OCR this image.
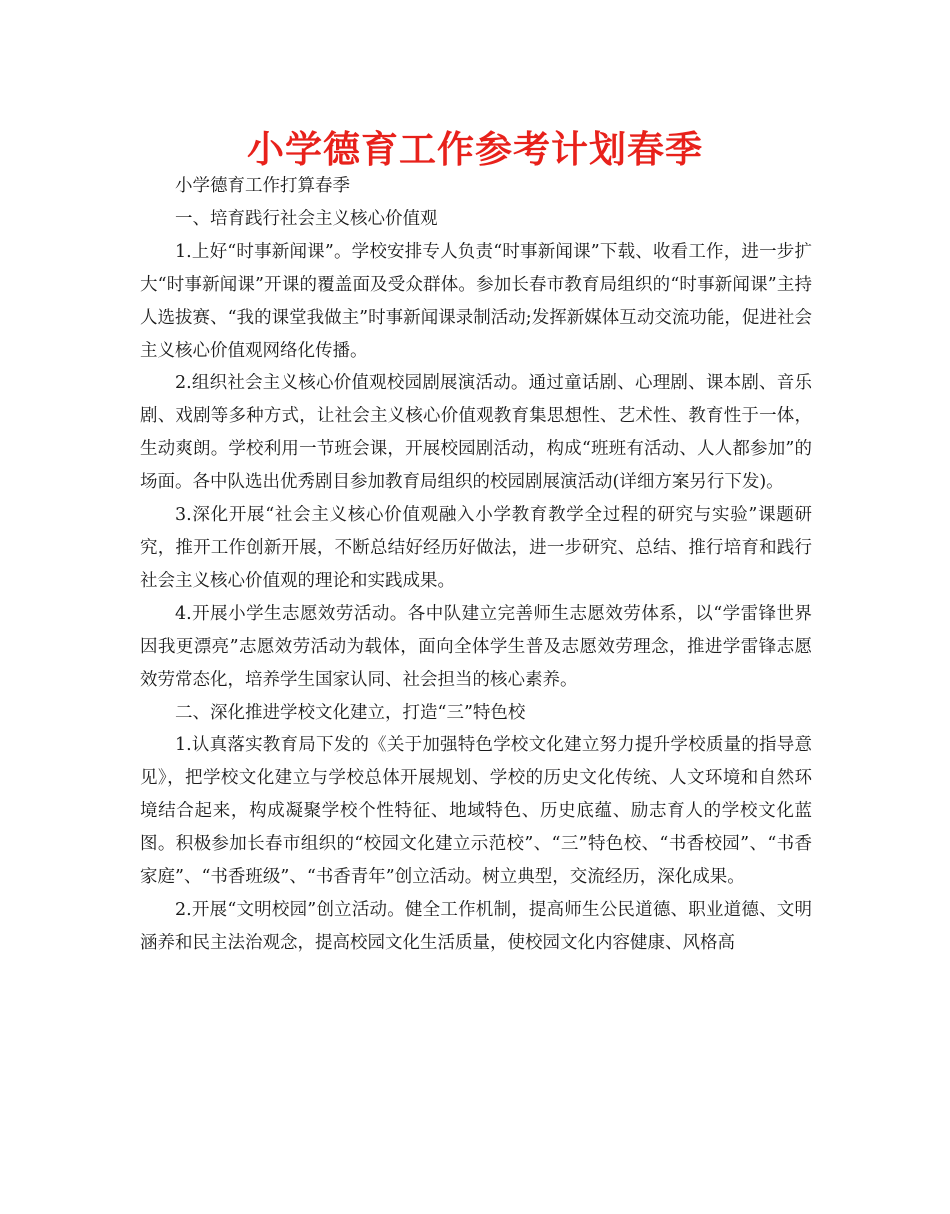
小学德育工作参考计划春季

小学德育工作打算春季

一、培育践行社会主义核心价值观

1.上好“时事新闻课”。学校安排专人负责“时事新闻课”下载、收看工作，进一步扩大“时事新闻课”开课的覆盖面及受众群体。参加长春市教育局组织的“时事新闻课”主持人选拔赛、“我的课堂我做主”时事新闻课录制活动;发挥新媒体互动交流功能，促进社会主义核心价值观网络化传播。

2.组织社会主义核心价值观校园剧展演活动。通过童话剧、心理剧、课本剧、音乐剧、戏剧等多种方式，让社会主义核心价值观教育集思想性、艺术性、教育性于一体，生动爽朗。学校利用一节班会课，开展校园剧活动，构成“班班有活动、人人都参加”的场面。各中队选出优秀剧目参加教育局组织的校园剧展演活动(详细方案另行下发)。

3.深化开展“社会主义核心价值观融入小学教育教学全过程的研究与实验”课题研究，推开工作创新开展，不断总结好经历好做法，进一步研究、总结、推行培育和践行社会主义核心价值观的理论和实践成果。

4.开展小学生志愿效劳活动。各中队建立完善师生志愿效劳体系，以“学雷锋世界因我更漂亮”志愿效劳活动为载体，面向全体学生普及志愿效劳理念，推进学雷锋志愿效劳常态化，培养学生国家认同、社会担当的核心素养。

二、深化推进学校文化建立，打造“三”特色校

1.认真落实教育局下发的《关于加强特色学校文化建立努力提升学校质量的指导意见》，把学校文化建立与学校总体开展规划、学校的历史文化传统、人文环境和自然环境结合起来，构成凝聚学校个性特征、地域特色、历史底蕴、励志育人的学校文化蓝图。积极参加长春市组织的“校园文化建立示范校”、“三”特色校、“书香校园”、“书香家庭”、“书香班级”、“书香青年”创立活动。树立典型，交流经历，深化成果。

2.开展“文明校园”创立活动。健全工作机制，提高师生公民道德、职业道德、文明涵养和民主法治观念，提高校园文化生活质量，使校园文化内容健康、风格高
